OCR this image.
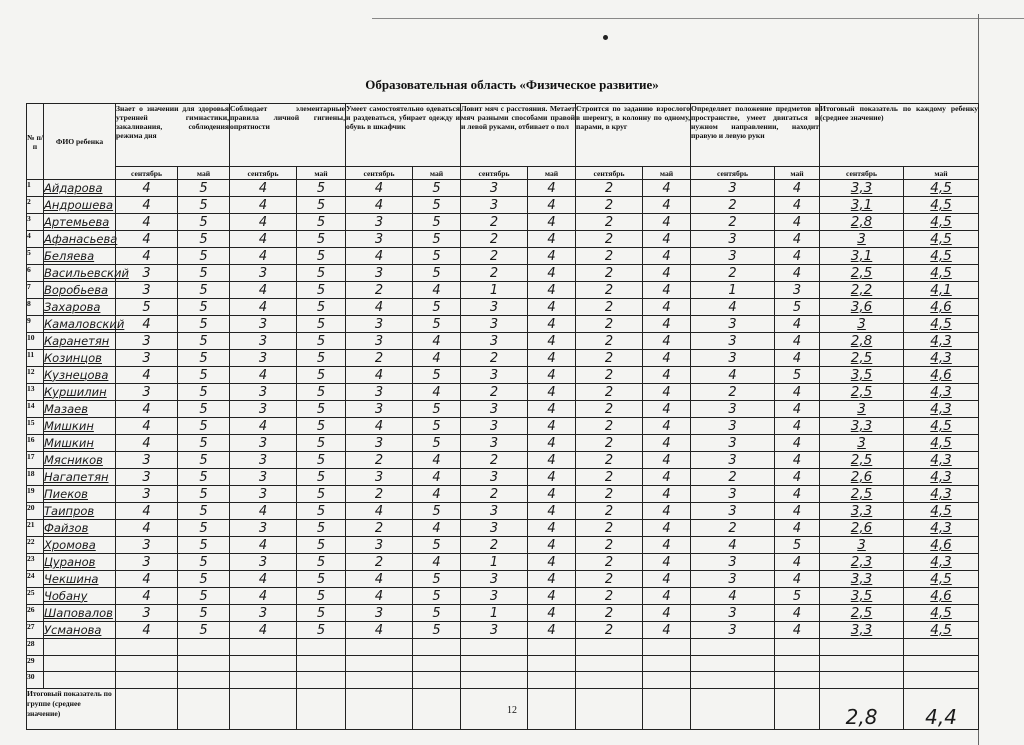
Образовательная область «Физическое развитие»
№ п/п	ФИО ребенка	Знает о значении для здоровья утренней гимнастики, закаливания, соблюдения режима дня		Соблюдает элементарные правила личной гигиены, опрятности		Умеет самостоятельно одеваться и раздеваться, убирает одежду и обувь в шкафчик		Ловит мяч с расстояния. Метает мяч разными способами правой и левой руками, отбивает о пол		Строится по заданию взрослого в шеренгу, в колонну по одному, парами, в круг		Определяет положение предметов в пространстве, умеет двигаться в нужном направлении, находит правую и левую руки		Итоговый показатель по каждому ребенку (среднее значение)	
		сентябрь	май	сентябрь	май	сентябрь	май	сентябрь	май	сентябрь	май	сентябрь	май	сентябрь	май
1	Айдарова	4	5	4	5	4	5	3	4	2	4	3	4	3,3	4,5
2	Андрошева	4	5	4	5	4	5	3	4	2	4	2	4	3,1	4,5
3	Артемьева	4	5	4	5	3	5	2	4	2	4	2	4	2,8	4,5
4	Афанасьева	4	5	4	5	3	5	2	4	2	4	3	4	3	4,5
5	Беляева	4	5	4	5	4	5	2	4	2	4	3	4	3,1	4,5
6	Васильевский	3	5	3	5	3	5	2	4	2	4	2	4	2,5	4,5
7	Воробьева	3	5	4	5	2	4	1	4	2	4	1	3	2,2	4,1
8	Захарова	5	5	4	5	4	5	3	4	2	4	4	5	3,6	4,6
9	Камаловский	4	5	3	5	3	5	3	4	2	4	3	4	3	4,5
10	Каранетян	3	5	3	5	3	4	3	4	2	4	3	4	2,8	4,3
11	Козинцов	3	5	3	5	2	4	2	4	2	4	3	4	2,5	4,3
12	Кузнецова	4	5	4	5	4	5	3	4	2	4	4	5	3,5	4,6
13	Куршилин	3	5	3	5	3	4	2	4	2	4	2	4	2,5	4,3
14	Мазаев	4	5	3	5	3	5	3	4	2	4	3	4	3	4,3
15	Мишкин	4	5	4	5	4	5	3	4	2	4	3	4	3,3	4,5
16	Мишкин	4	5	3	5	3	5	3	4	2	4	3	4	3	4,5
17	Мясников	3	5	3	5	2	4	2	4	2	4	3	4	2,5	4,3
18	Нагапетян	3	5	3	5	3	4	3	4	2	4	2	4	2,6	4,3
19	Пиеков	3	5	3	5	2	4	2	4	2	4	3	4	2,5	4,3
20	Таипров	4	5	4	5	4	5	3	4	2	4	3	4	3,3	4,5
21	Файзов	4	5	3	5	2	4	3	4	2	4	2	4	2,6	4,3
22	Хромова	3	5	4	5	3	5	2	4	2	4	4	5	3	4,6
23	Цуранов	3	5	3	5	2	4	1	4	2	4	3	4	2,3	4,3
24	Чекшина	4	5	4	5	4	5	3	4	2	4	3	4	3,3	4,5
25	Чобану	4	5	4	5	4	5	3	4	2	4	4	5	3,5	4,6
26	Шаповалов	3	5	3	5	3	5	1	4	2	4	3	4	2,5	4,5
27	Усманова	4	5	4	5	4	5	3	4	2	4	3	4	3,3	4,5
28															
29															
30															
Итоговый показатель по группе (среднее значение)														2,8	4,4
12
